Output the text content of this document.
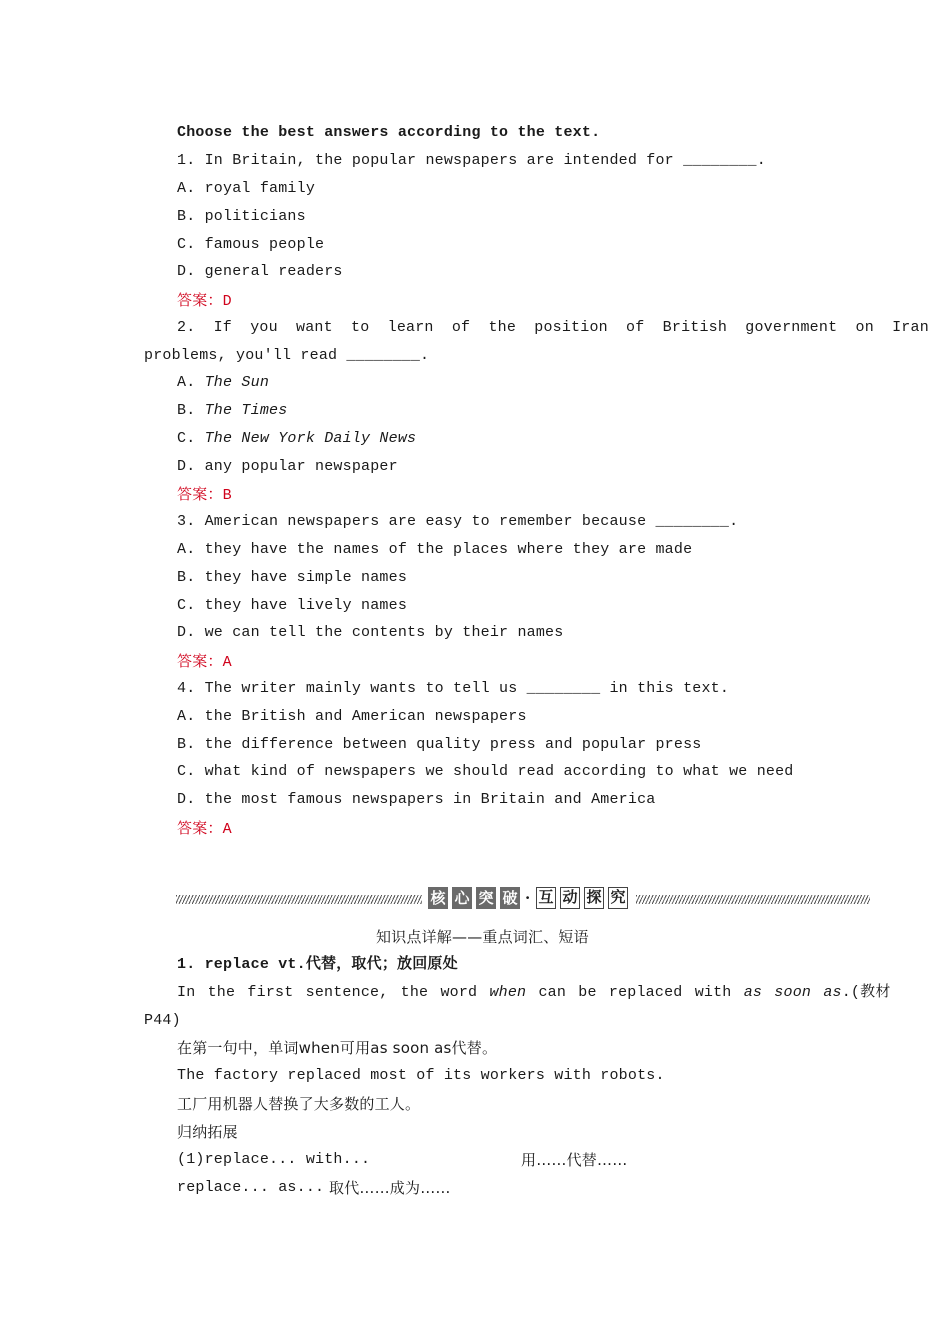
Choose the best answers according to the text.
1. In Britain, the popular newspapers are intended for ________.
A. royal family
B. politicians
C. famous people
D. general readers
答案：D
2. If you want to learn of the position of British government on Iran
problems, you'll read ________.
A. The Sun
B. The Times
C. The New York Daily News
D. any popular newspaper
答案：B
3. American newspapers are easy to remember because ________.
A. they have the names of the places where they are made
B. they have simple names
C. they have lively names
D. we can tell the contents by their names
答案：A
4. The writer mainly wants to tell us ________ in this text.
A. the British and American newspapers
B. the difference between quality press and popular press
C. what kind of newspapers we should read according to what we need
D. the most famous newspapers in Britain and America
答案：A
核 心 突 破 · 互 动 探 究
知识点详解——重点词汇、短语
1. replace vt.代替，取代；放回原处
In the first sentence, the word when can be replaced with as soon as.(教材
P44)
在第一句中，单词when可用as soon as代替。
The factory replaced most of its workers with robots.
工厂用机器人替换了大多数的工人。
归纳拓展
(1)replace... with...	用……代替……
replace... as... 取代……成为……
